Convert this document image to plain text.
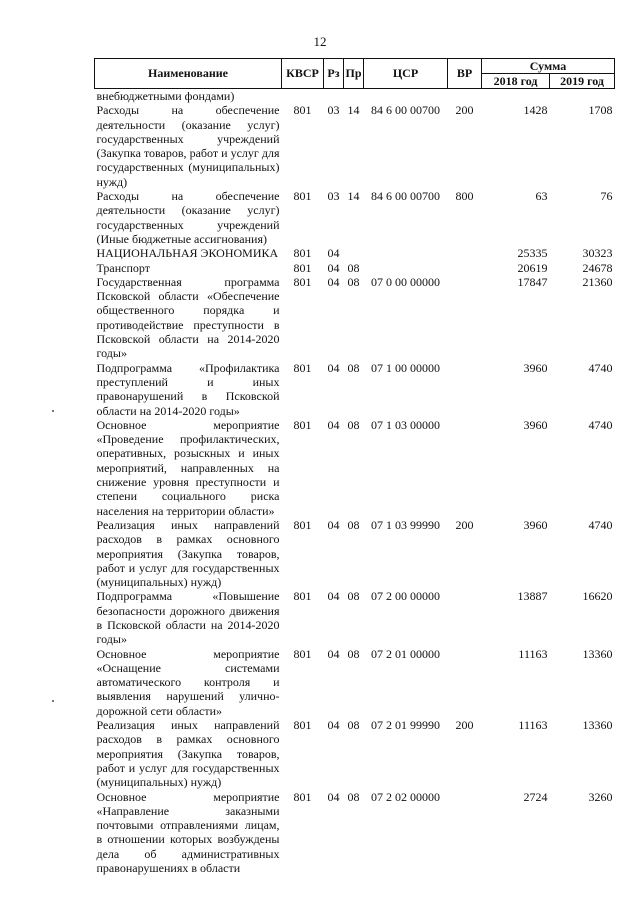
12
Наименование	КВСР	Рз	Пр	ЦСР	ВР	Сумма	
						2018 год	2019 год
внебюджетными фондами)							
Расходы на обеспечение деятельности (оказание услуг) государственных учреждений (Закупка товаров, работ и услуг для государственных (муниципальных) нужд)	801	03	14	84 6 00 00700	200	1428	1708
Расходы на обеспечение деятельности (оказание услуг) государственных учреждений (Иные бюджетные ассигнования)	801	03	14	84 6 00 00700	800	63	76
НАЦИОНАЛЬНАЯ ЭКОНОМИКА	801	04				25335	30323
Транспорт	801	04	08			20619	24678
Государственная программа Псковской области «Обеспечение общественного порядка и противодействие преступности в Псковской области на 2014-2020 годы»	801	04	08	07 0 00 00000		17847	21360
Подпрограмма «Профилактика преступлений и иных правонарушений в Псковской области на 2014-2020 годы»	801	04	08	07 1 00 00000		3960	4740
Основное мероприятие «Проведение профилактических, оперативных, розыскных и иных мероприятий, направленных на снижение уровня преступности и степени социального риска населения на территории области»	801	04	08	07 1 03 00000		3960	4740
Реализация иных направлений расходов в рамках основного мероприятия (Закупка товаров, работ и услуг для государственных (муниципальных) нужд)	801	04	08	07 1 03 99990	200	3960	4740
Подпрограмма «Повышение безопасности дорожного движения в Псковской области на 2014-2020 годы»	801	04	08	07 2 00 00000		13887	16620
Основное мероприятие «Оснащение системами автоматического контроля и выявления нарушений улично-дорожной сети области»	801	04	08	07 2 01 00000		11163	13360
Реализация иных направлений расходов в рамках основного мероприятия (Закупка товаров, работ и услуг для государственных (муниципальных) нужд)	801	04	08	07 2 01 99990	200	11163	13360
Основное мероприятие «Направление заказными почтовыми отправлениями лицам, в отношении которых возбуждены дела об административных правонарушениях в области	801	04	08	07 2 02 00000		2724	3260
